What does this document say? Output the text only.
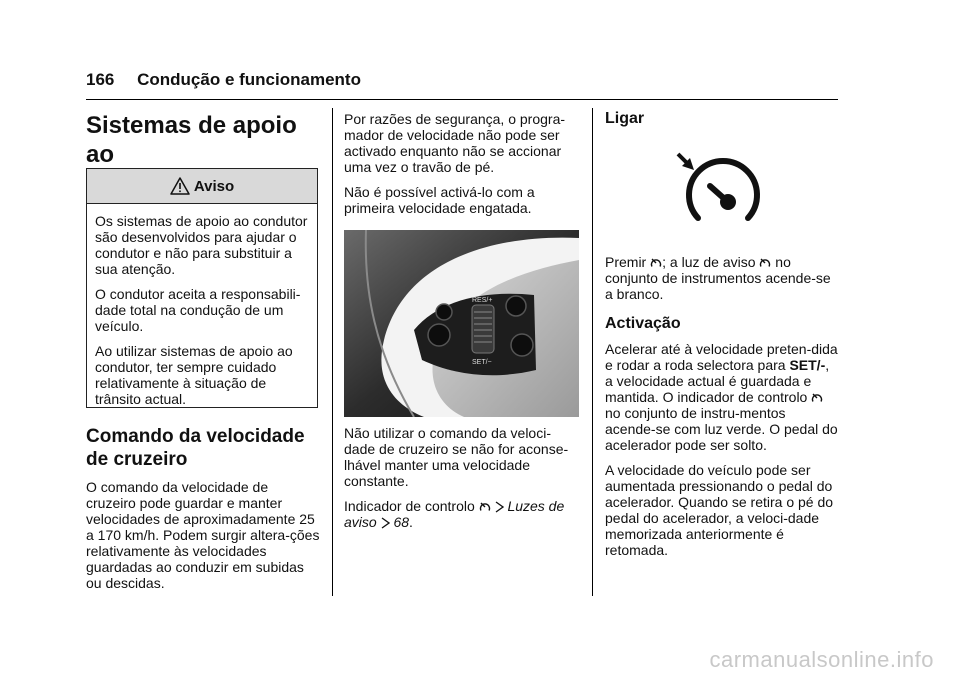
166 Condução e funcionamento
Sistemas de apoio ao

Aviso

Os sistemas de apoio ao condutor são desenvolvidos para ajudar o condutor e não para substituir a sua atenção.

O condutor aceita a responsabili-dade total na condução de um veículo.

Ao utilizar sistemas de apoio ao condutor, ter sempre cuidado relativamente à situação de trânsito actual.

Comando da velocidade
de cruzeiro

O comando da velocidade de cruzeiro pode guardar e manter velocidades de aproximadamente 25 a 170 km/h. Podem surgir altera-ções relativamente às velocidades guardadas ao conduzir em subidas ou descidas.

Por razões de segurança, o progra-mador de velocidade não pode ser activado enquanto não se accionar uma vez o travão de pé.

Não é possível activá-lo com a primeira velocidade engatada.

RES/+
SET/−

Não utilizar o comando da veloci-dade de cruzeiro se não for aconse-lhável manter uma velocidade constante.

Indicador de controlo Luzes de aviso 68.

Ligar

Premir ; a luz de aviso no conjunto de instrumentos acende-se a branco.

Activação

Acelerar até à velocidade preten-dida e rodar a roda selectora para SET/-, a velocidade actual é guardada e mantida. O indicador de controlo  no conjunto de instru-mentos acende-se com luz verde. O pedal do acelerador pode ser solto.

A velocidade do veículo pode ser aumentada pressionando o pedal do acelerador. Quando se retira o pé do pedal do acelerador, a veloci-dade memorizada anteriormente é retomada.

carmanualsonline.info
